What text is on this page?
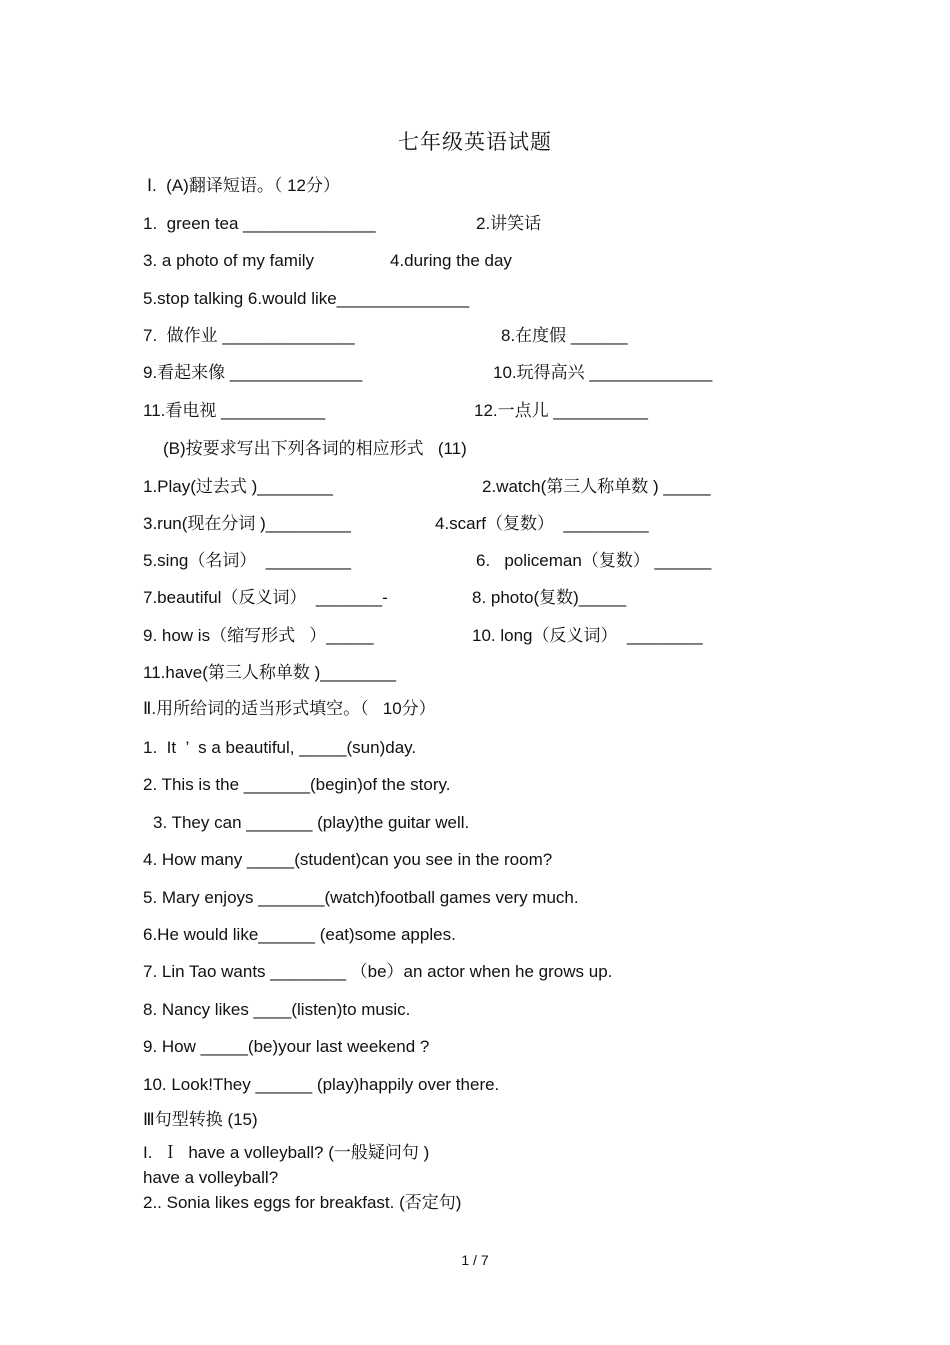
七年级英语试题
Ⅰ.  (A)翻译短语。（ 12分）
1.  green tea ______________	2.讲笑话
3. a photo of my family	4.during the day
5.stop talking 6.would like______________
7.  做作业 ______________	8.在度假 ______
9.看起来像 ______________	10.玩得高兴 _____________
11.看电视 ___________	12.一点儿 __________
(B)按要求写出下列各词的相应形式   (11)
1.Play(过去式 )________	2.watch(第三人称单数 ) _____
3.run(现在分词 )_________	4.scarf（复数）  _________
5.sing（名词）  _________	6.   policeman（复数） ______
7.beautiful（反义词）  _______-	8. photo(复数)_____
9. how is（缩写形式   ）_____	10. long（反义词）  ________
11.have(第三人称单数 )________
Ⅱ.用所给词的适当形式填空。（   10分）
1.  It  ’  s a beautiful, _____(sun)day.
2. This is the _______(begin)of the story.
3. They can _______ (play)the guitar well.
4. How many _____(student)can you see in the room?
5. Mary enjoys _______(watch)football games very much.
6.He would like______ (eat)some apples.
7. Lin Tao wants ________ （be）an actor when he grows up.
8. Nancy likes ____(listen)to music.
9. How _____(be)your last weekend ?
10. Look!They ______ (play)happily over there.
Ⅲ句型转换 (15)
I.  Ｉ  have a volleyball? (一般疑问句 )
have a volleyball?
2.. Sonia likes eggs for breakfast. (否定句)
1 / 7
